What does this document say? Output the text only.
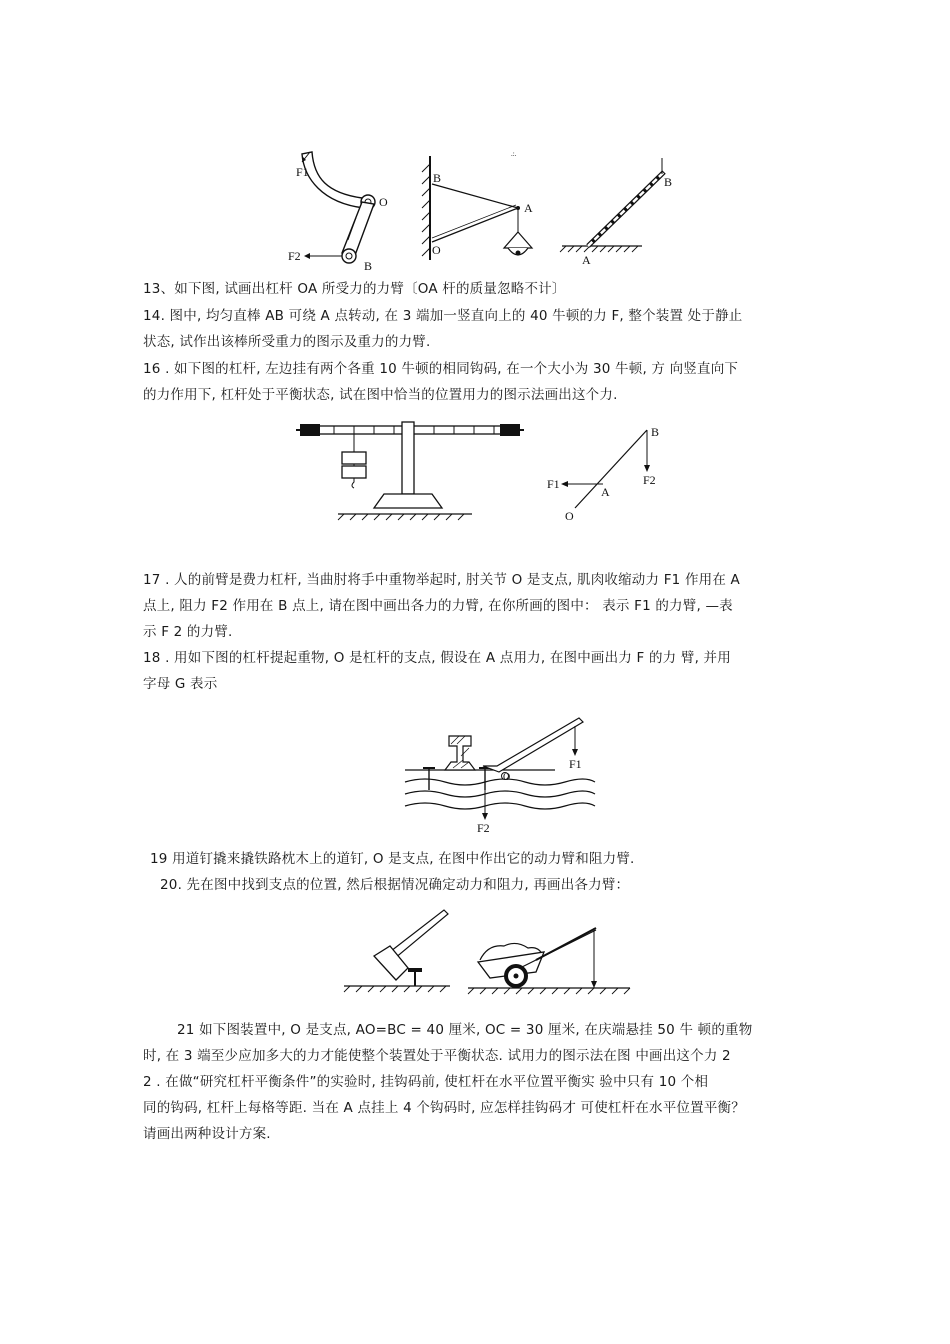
F1
O
B
F2
B
O
A
.:.
B
A
13、如下图, 试画出杠杆 OA 所受力的力臂〔OA 杆的质量忽略不计〕
14. 图中, 均匀直棒 AB 可绕 A 点转动, 在 3 端加一竖直向上的 40 牛顿的力 F, 整个装置 处于静止
状态, 试作出该棒所受重力的图示及重力的力臂.
16 . 如下图的杠杆, 左边挂有两个各重 10 牛顿的相同钩码, 在一个大小为 30 牛顿, 方 向竖直向下
的力作用下, 杠杆处于平衡状态, 试在图中恰当的位置用力的图示法画出这个力.
B
F2
F1
A
O
17 . 人的前臂是费力杠杆, 当曲肘将手中重物举起时, 肘关节 O 是支点, 肌肉收缩动力 F1 作用在 A
点上, 阻力 F2 作用在 B 点上, 请在图中画出各力的力臂, 在你所画的图中： 表示 F1 的力臂, —表
示 F 2 的力臂.
18 . 用如下图的杠杆提起重物, O 是杠杆的支点, 假设在 A 点用力, 在图中画出力 F 的力 臂, 并用
字母 G 表示
O
F1
F2
19 用道钉撬来撬铁路枕木上的道钉, O 是支点, 在图中作出它的动力臂和阻力臂.
20. 先在图中找到支点的位置, 然后根据情况确定动力和阻力, 再画出各力臂：
21 如下图装置中, O 是支点, AO=BC = 40 厘米, OC = 30 厘米, 在庆端悬挂 50 牛 顿的重物
时, 在 3 端至少应加多大的力才能使整个装置处于平衡状态. 试用力的图示法在图 中画出这个力 2
2 . 在做“研究杠杆平衡条件”的实验时, 挂钩码前, 使杠杆在水平位置平衡实 验中只有 10 个相
同的钩码, 杠杆上每格等距. 当在 A 点挂上 4 个钩码时, 应怎样挂钩码才 可使杠杆在水平位置平衡？
请画出两种设计方案.
